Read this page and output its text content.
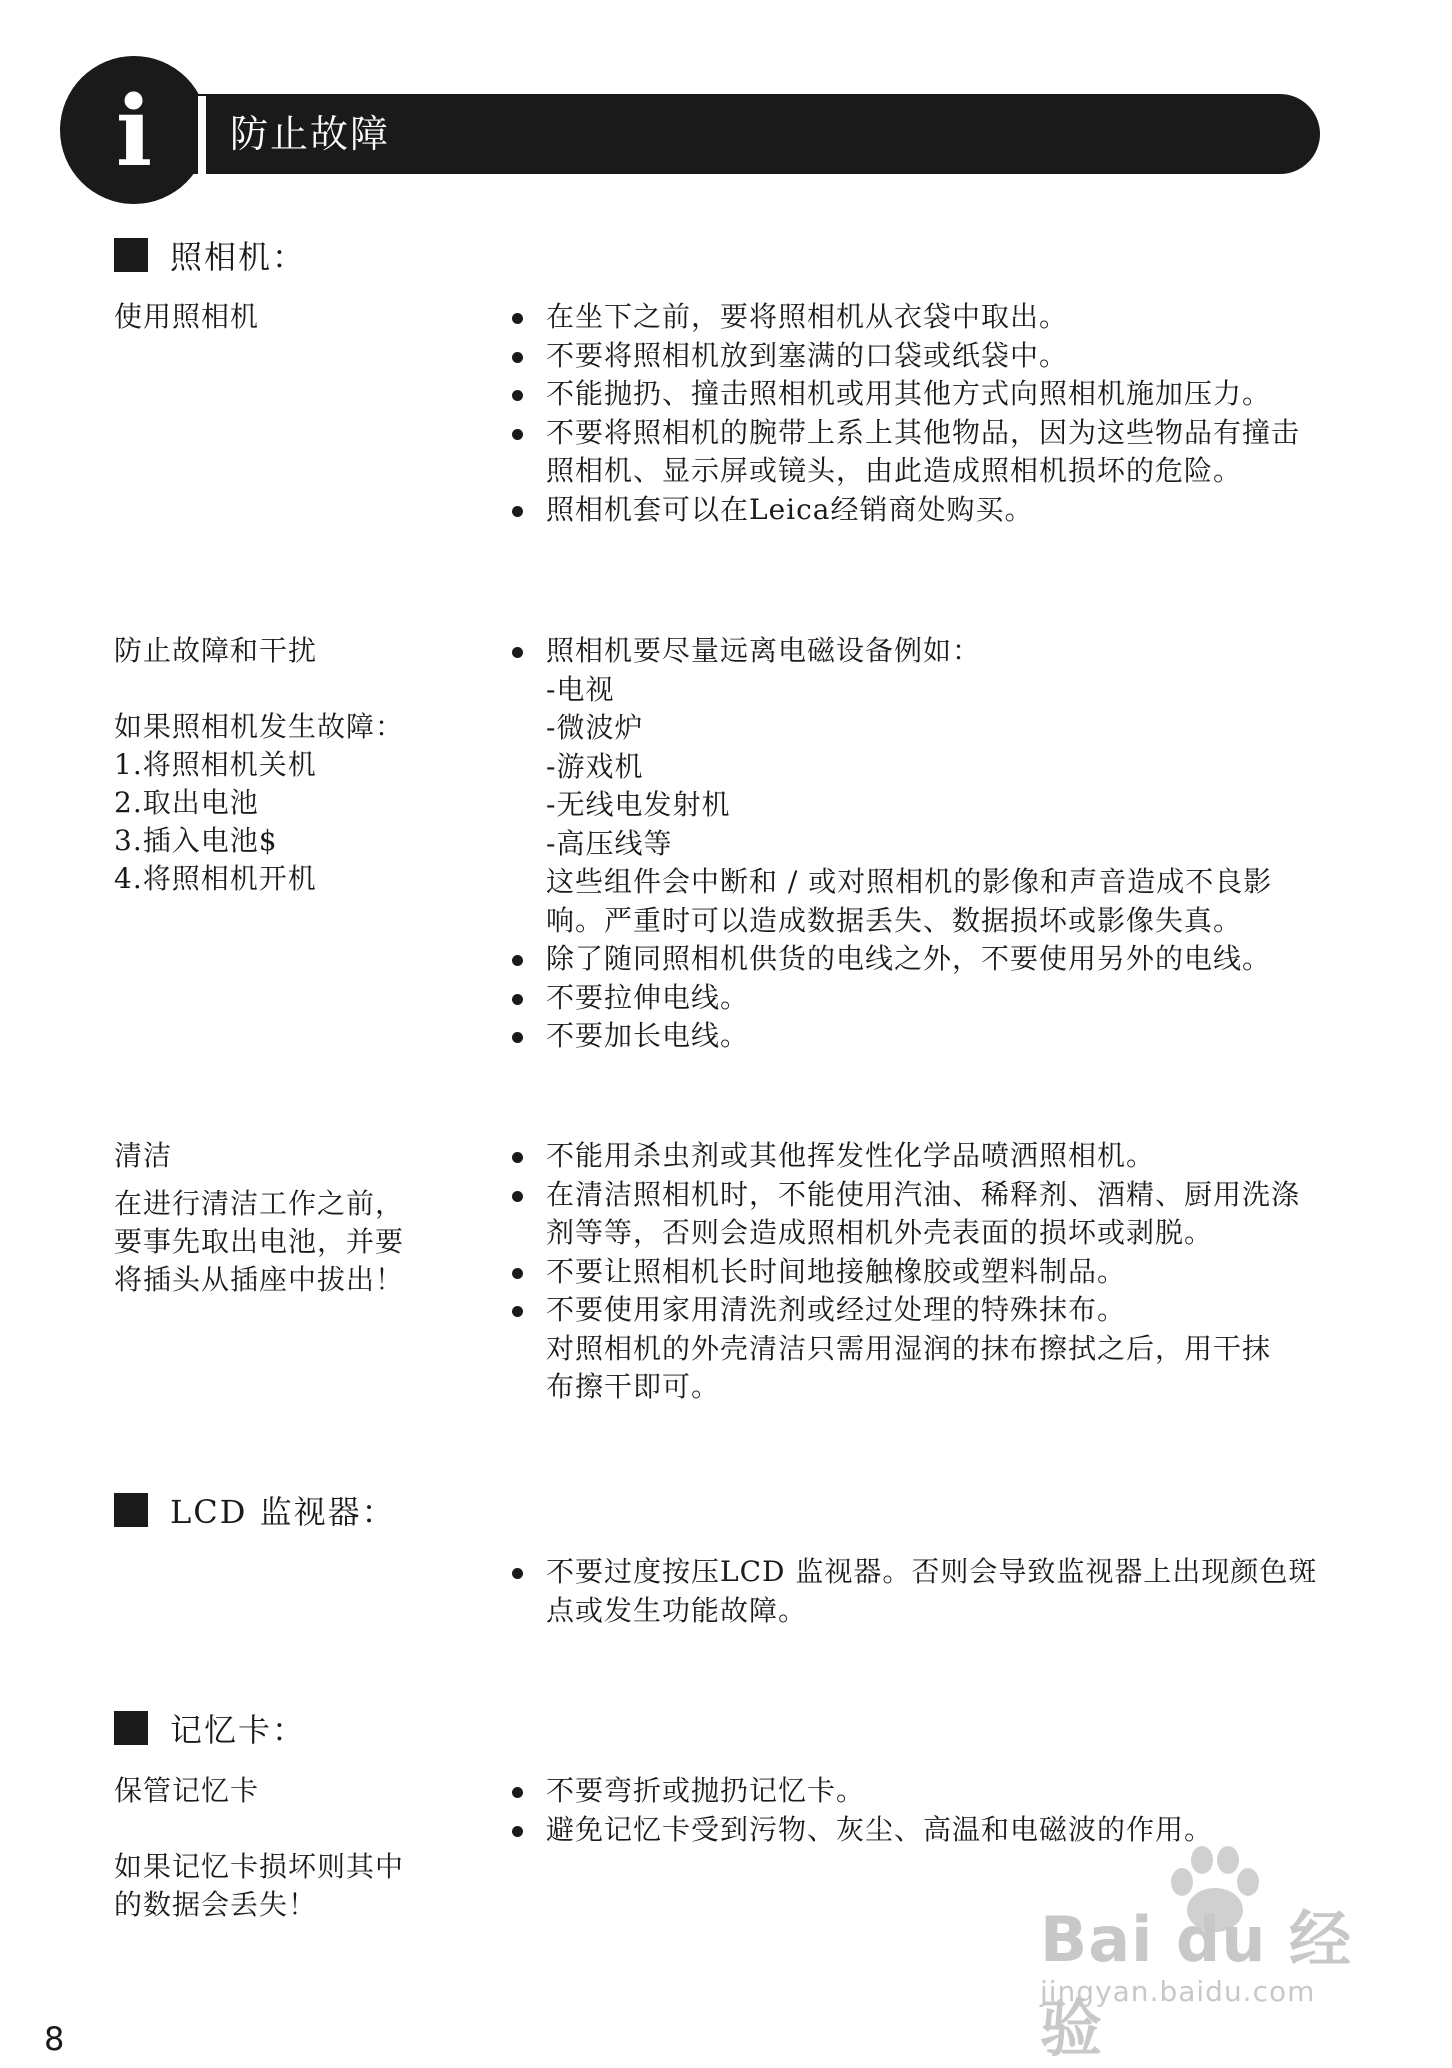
防止故障
i
照相机：

使用照相机	在坐下之前，要将照相机从衣袋中取出。
不要将照相机放到塞满的口袋或纸袋中。
不能抛扔、撞击照相机或用其他方式向照相机施加压力。
不要将照相机的腕带上系上其他物品，因为这些物品有撞击照相机、显示屏或镜头，由此造成照相机损坏的危险。
照相机套可以在Leica经销商处购买。

防止故障和干扰

如果照相机发生故障：

1.将照相机关机

2.取出电池

3.插入电池$

4.将照相机开机

照相机要尽量远离电磁设备例如：
-电视
-微波炉
-游戏机
-无线电发射机
-高压线等
这些组件会中断和 / 或对照相机的影像和声音造成不良影响。严重时可以造成数据丢失、数据损坏或影像失真。
除了随同照相机供货的电线之外，不要使用另外的电线。
不要拉伸电线。
不要加长电线。

清洁

在进行清洁工作之前，要事先取出电池，并要将插头从插座中拔出！

不能用杀虫剂或其他挥发性化学品喷洒照相机。
在清洁照相机时，不能使用汽油、稀释剂、酒精、厨用洗涤剂等等，否则会造成照相机外壳表面的损坏或剥脱。
不要让照相机长时间地接触橡胶或塑料制品。
不要使用家用清洗剂或经过处理的特殊抹布。
对照相机的外壳清洁只需用湿润的抹布擦拭之后，用干抹布擦干即可。
LCD 监视器：
不要过度按压LCD 监视器。否则会导致监视器上出现颜色斑点或发生功能故障。
记忆卡：

保管记忆卡

如果记忆卡损坏则其中的数据会丢失！

不要弯折或抛扔记忆卡。
避免记忆卡受到污物、灰尘、高温和电磁波的作用。
Bai du 经验
jingyan.baidu.com
8
